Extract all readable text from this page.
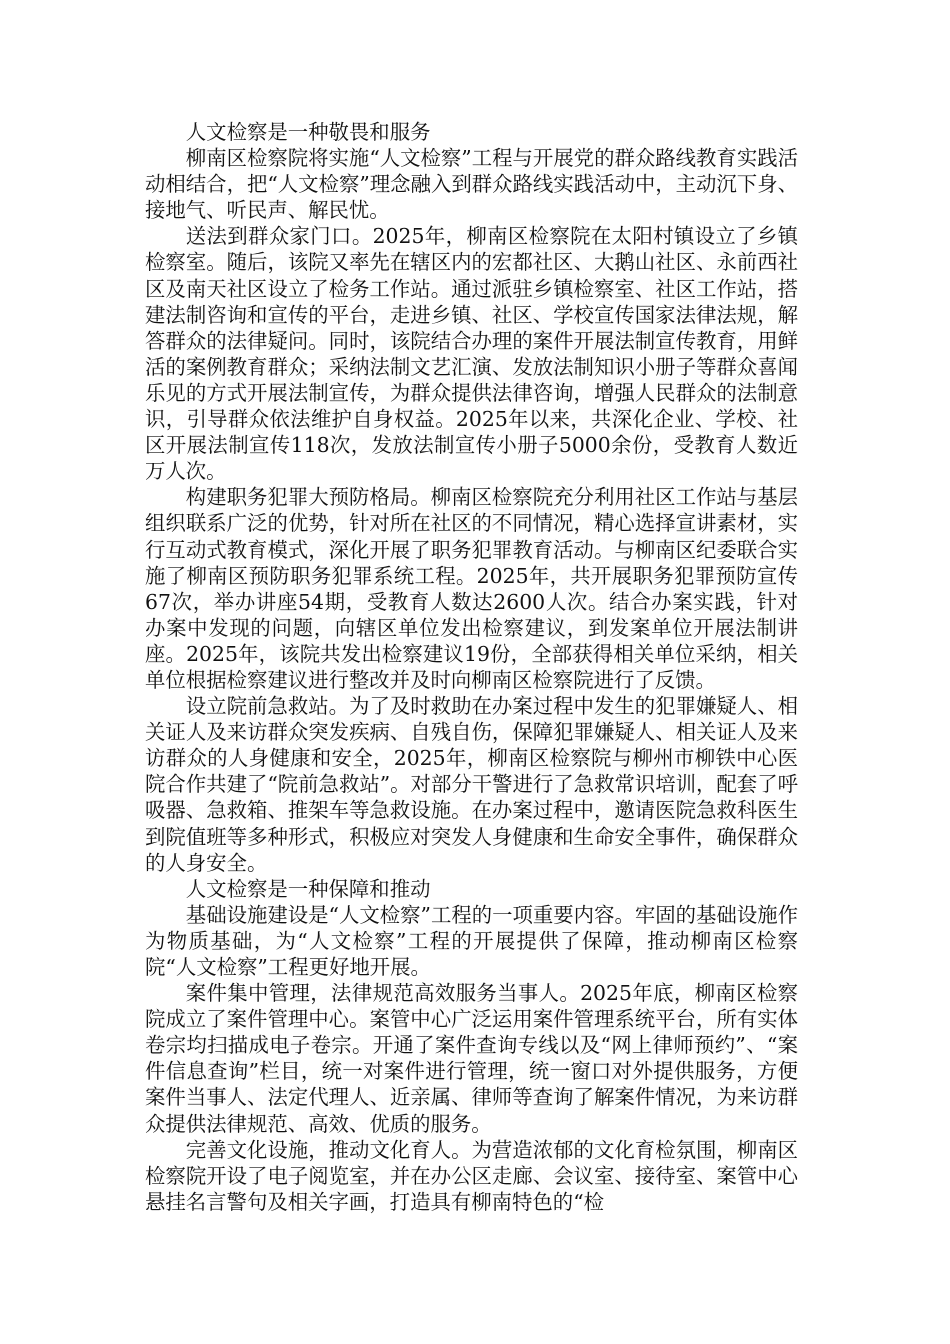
人文检察是一种敬畏和服务

柳南区检察院将实施“人文检察”工程与开展党的群众路线教育实践活动相结合，把“人文检察”理念融入到群众路线实践活动中，主动沉下身、接地气、听民声、解民忧。

送法到群众家门口。2025年，柳南区检察院在太阳村镇设立了乡镇检察室。随后，该院又率先在辖区内的宏都社区、大鹅山社区、永前西社区及南天社区设立了检务工作站。通过派驻乡镇检察室、社区工作站，搭建法制咨询和宣传的平台，走进乡镇、社区、学校宣传国家法律法规，解答群众的法律疑问。同时，该院结合办理的案件开展法制宣传教育，用鲜活的案例教育群众；采纳法制文艺汇演、发放法制知识小册子等群众喜闻乐见的方式开展法制宣传，为群众提供法律咨询，增强人民群众的法制意识，引导群众依法维护自身权益。2025年以来，共深化企业、学校、社区开展法制宣传118次，发放法制宣传小册子5000余份，受教育人数近万人次。

构建职务犯罪大预防格局。柳南区检察院充分利用社区工作站与基层组织联系广泛的优势，针对所在社区的不同情况，精心选择宣讲素材，实行互动式教育模式，深化开展了职务犯罪教育活动。与柳南区纪委联合实施了柳南区预防职务犯罪系统工程。2025年，共开展职务犯罪预防宣传67次，举办讲座54期，受教育人数达2600人次。结合办案实践，针对办案中发现的问题，向辖区单位发出检察建议，到发案单位开展法制讲座。2025年，该院共发出检察建议19份，全部获得相关单位采纳，相关单位根据检察建议进行整改并及时向柳南区检察院进行了反馈。

设立院前急救站。为了及时救助在办案过程中发生的犯罪嫌疑人、相关证人及来访群众突发疾病、自残自伤，保障犯罪嫌疑人、相关证人及来访群众的人身健康和安全，2025年，柳南区检察院与柳州市柳铁中心医院合作共建了“院前急救站”。对部分干警进行了急救常识培训，配套了呼吸器、急救箱、推架车等急救设施。在办案过程中，邀请医院急救科医生到院值班等多种形式，积极应对突发人身健康和生命安全事件，确保群众的人身安全。

人文检察是一种保障和推动

基础设施建设是“人文检察”工程的一项重要内容。牢固的基础设施作为物质基础，为“人文检察”工程的开展提供了保障，推动柳南区检察院“人文检察”工程更好地开展。

案件集中管理，法律规范高效服务当事人。2025年底，柳南区检察院成立了案件管理中心。案管中心广泛运用案件管理系统平台，所有实体卷宗均扫描成电子卷宗。开通了案件查询专线以及“网上律师预约”、“案件信息查询”栏目，统一对案件进行管理，统一窗口对外提供服务，方便案件当事人、法定代理人、近亲属、律师等查询了解案件情况，为来访群众提供法律规范、高效、优质的服务。

完善文化设施，推动文化育人。为营造浓郁的文化育检氛围，柳南区检察院开设了电子阅览室，并在办公区走廊、会议室、接待室、案管中心悬挂名言警句及相关字画，打造具有柳南特色的“检
